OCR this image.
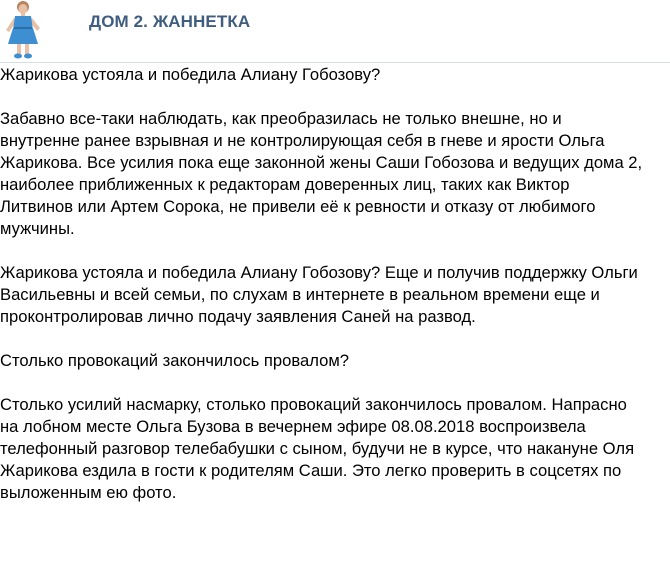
ДОМ 2. ЖАННЕТКА

Жарикова устояла и победила Алиану Гобозову?

Забавно все-таки наблюдать, как преобразилась не только внешне, но и
внутренне ранее взрывная и не контролирующая себя в гневе и ярости Ольга
Жарикова. Все усилия пока еще законной жены Саши Гобозова и ведущих дома 2,
наиболее приближенных к редакторам доверенных лиц, таких как Виктор
Литвинов или Артем Сорока, не привели её к ревности и отказу от любимого
мужчины.

Жарикова устояла и победила Алиану Гобозову? Еще и получив поддержку Ольги
Васильевны и всей семьи, по слухам в интернете в реальном времени еще и
проконтролировав лично подачу заявления Саней на развод.

Столько провокаций закончилось провалом?

Столько усилий насмарку, столько провокаций закончилось провалом. Напрасно
на лобном месте Ольга Бузова в вечернем эфире 08.08.2018 воспроизвела
телефонный разговор телебабушки с сыном, будучи не в курсе, что накануне Оля
Жарикова ездила в гости к родителям Саши. Это легко проверить в соцсетях по
выложенным ею фото.
